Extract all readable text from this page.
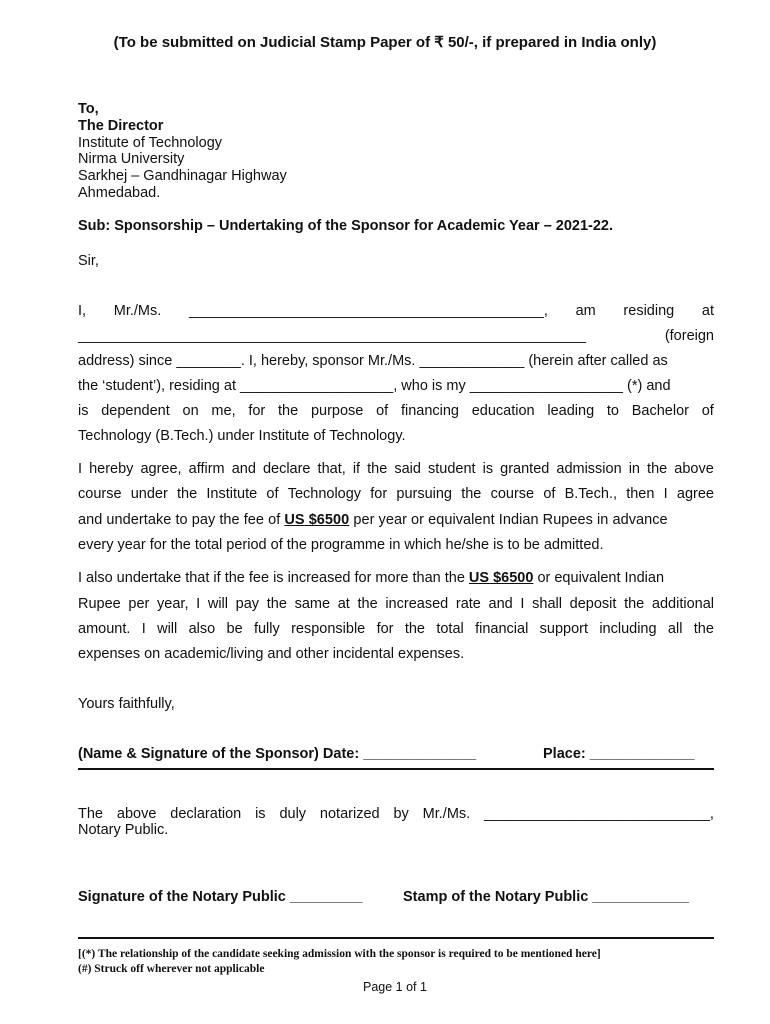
(To be submitted on Judicial Stamp Paper of ₹ 50/-, if prepared in India only)
To,
The Director
Institute of Technology
Nirma University
Sarkhej – Gandhinagar Highway
Ahmedabad.
Sub: Sponsorship – Undertaking of the Sponsor for Academic Year – 2021-22.
Sir,
I, Mr./Ms. ____________________________________________, am residing at
_______________________________________________________________	(foreign
address) since ________. I, hereby, sponsor Mr./Ms. _____________ (herein after called as
the ‘student’), residing at ___________________, who is my ___________________ (*) and
is dependent on me, for the purpose of financing education leading to Bachelor of
Technology (B.Tech.) under Institute of Technology.
I hereby agree, affirm and declare that, if the said student is granted admission in the above
course under the Institute of Technology for pursuing the course of B.Tech., then I agree
and undertake to pay the fee of US $6500 per year or equivalent Indian Rupees in advance
every year for the total period of the programme in which he/she is to be admitted.
I also undertake that if the fee is increased for more than the US $6500 or equivalent Indian
Rupee per year, I will pay the same at the increased rate and I shall deposit the additional
amount. I will also be fully responsible for the total financial support including all the
expenses on academic/living and other incidental expenses.
Yours faithfully,
(Name & Signature of the Sponsor) Date: ______________	Place: _____________
The above declaration is duly notarized by Mr./Ms. ____________________________,
Notary Public.
Signature of the Notary Public _________	Stamp of the Notary Public ____________
[(*) The relationship of the candidate seeking admission with the sponsor is required to be mentioned here]
(#) Struck off wherever not applicable
Page 1 of 1
